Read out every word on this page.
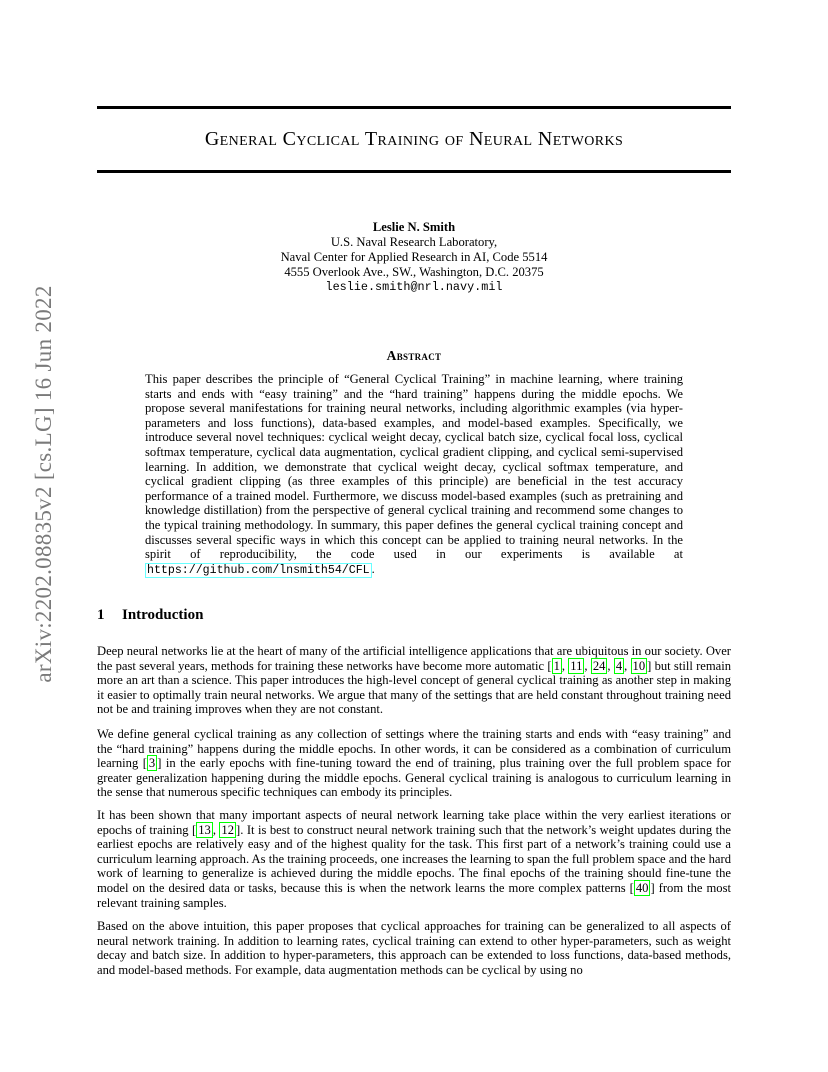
arXiv:2202.08835v2 [cs.LG] 16 Jun 2022
General Cyclical Training of Neural Networks
Leslie N. Smith
U.S. Naval Research Laboratory,
Naval Center for Applied Research in AI, Code 5514
4555 Overlook Ave., SW., Washington, D.C. 20375
leslie.smith@nrl.navy.mil
Abstract
This paper describes the principle of “General Cyclical Training” in machine learning, where training starts and ends with “easy training” and the “hard training” happens during the middle epochs. We propose several manifestations for training neural networks, including algorithmic examples (via hyper-parameters and loss functions), data-based examples, and model-based examples. Specifically, we introduce several novel techniques: cyclical weight decay, cyclical batch size, cyclical focal loss, cyclical softmax temperature, cyclical data augmentation, cyclical gradient clipping, and cyclical semi-supervised learning. In addition, we demonstrate that cyclical weight decay, cyclical softmax temperature, and cyclical gradient clipping (as three examples of this principle) are beneficial in the test accuracy performance of a trained model. Furthermore, we discuss model-based examples (such as pretraining and knowledge distillation) from the perspective of general cyclical training and recommend some changes to the typical training methodology. In summary, this paper defines the general cyclical training concept and discusses several specific ways in which this concept can be applied to training neural networks. In the spirit of reproducibility, the code used in our experiments is available at https://github.com/lnsmith54/CFL .
1 Introduction

Deep neural networks lie at the heart of many of the artificial intelligence applications that are ubiquitous in our society. Over the past several years, methods for training these networks have become more automatic [ 1 , 11 , 24 , 4 , 10 ] but still remain more an art than a science. This paper introduces the high-level concept of general cyclical training as another step in making it easier to optimally train neural networks. We argue that many of the settings that are held constant throughout training need not be and training improves when they are not constant.

We define general cyclical training as any collection of settings where the training starts and ends with “easy training” and the “hard training” happens during the middle epochs. In other words, it can be considered as a combination of curriculum learning [ 3 ] in the early epochs with fine-tuning toward the end of training, plus training over the full problem space for greater generalization happening during the middle epochs. General cyclical training is analogous to curriculum learning in the sense that numerous specific techniques can embody its principles.

It has been shown that many important aspects of neural network learning take place within the very earliest iterations or epochs of training [ 13 , 12 ]. It is best to construct neural network training such that the network’s weight updates during the earliest epochs are relatively easy and of the highest quality for the task. This first part of a network’s training could use a curriculum learning approach. As the training proceeds, one increases the learning to span the full problem space and the hard work of learning to generalize is achieved during the middle epochs. The final epochs of the training should fine-tune the model on the desired data or tasks, because this is when the network learns the more complex patterns [ 40 ] from the most relevant training samples.

Based on the above intuition, this paper proposes that cyclical approaches for training can be generalized to all aspects of neural network training. In addition to learning rates, cyclical training can extend to other hyper-parameters, such as weight decay and batch size. In addition to hyper-parameters, this approach can be extended to loss functions, data-based methods, and model-based methods. For example, data augmentation methods can be cyclical by using no
